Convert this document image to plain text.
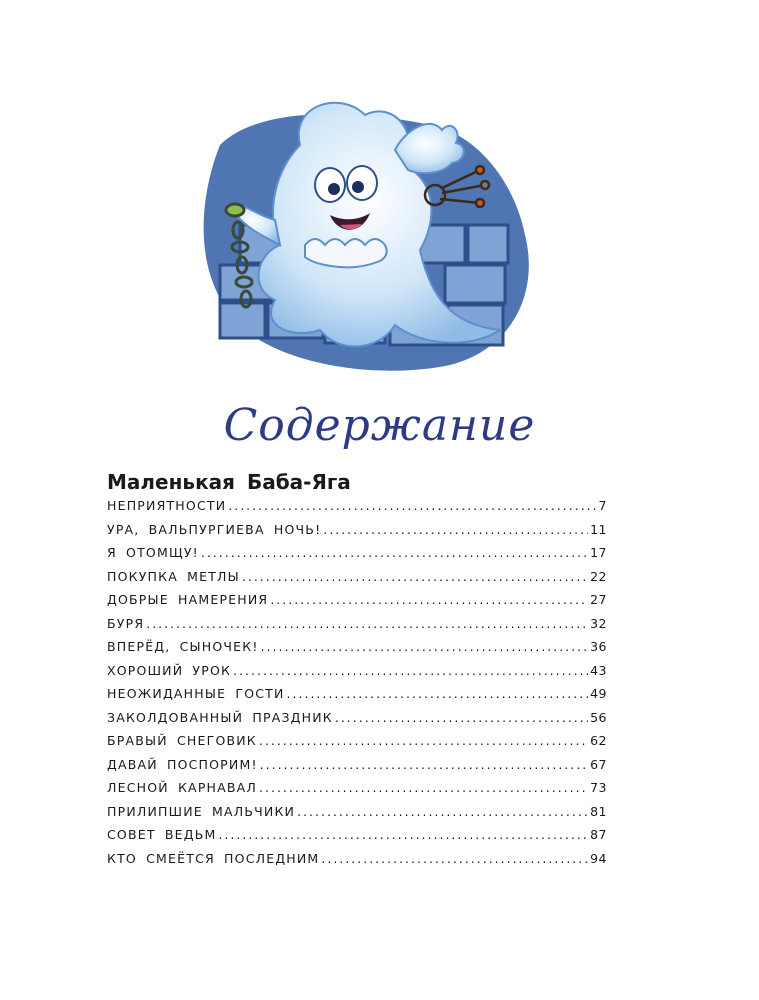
Содержание
Маленькая Баба-Яга
НЕПРИЯТНОСТИ .....	7
УРА, ВАЛЬПУРГИЕВА НОЧЬ! .....	11
Я ОТОМЩУ! .....	17
ПОКУПКА МЕТЛЫ .....	22
ДОБРЫЕ НАМЕРЕНИЯ .....	27
БУРЯ .....	32
ВПЕРЁД, СЫНОЧЕК! .....	36
ХОРОШИЙ УРОК .....	43
НЕОЖИДАННЫЕ ГОСТИ .....	49
ЗАКОЛДОВАННЫЙ ПРАЗДНИК .....	56
БРАВЫЙ СНЕГОВИК .....	62
ДАВАЙ ПОСПОРИМ! .....	67
ЛЕСНОЙ КАРНАВАЛ .....	73
ПРИЛИПШИЕ МАЛЬЧИКИ .....	81
СОВЕТ ВЕДЬМ .....	87
КТО СМЕЁТСЯ ПОСЛЕДНИМ .....	94
